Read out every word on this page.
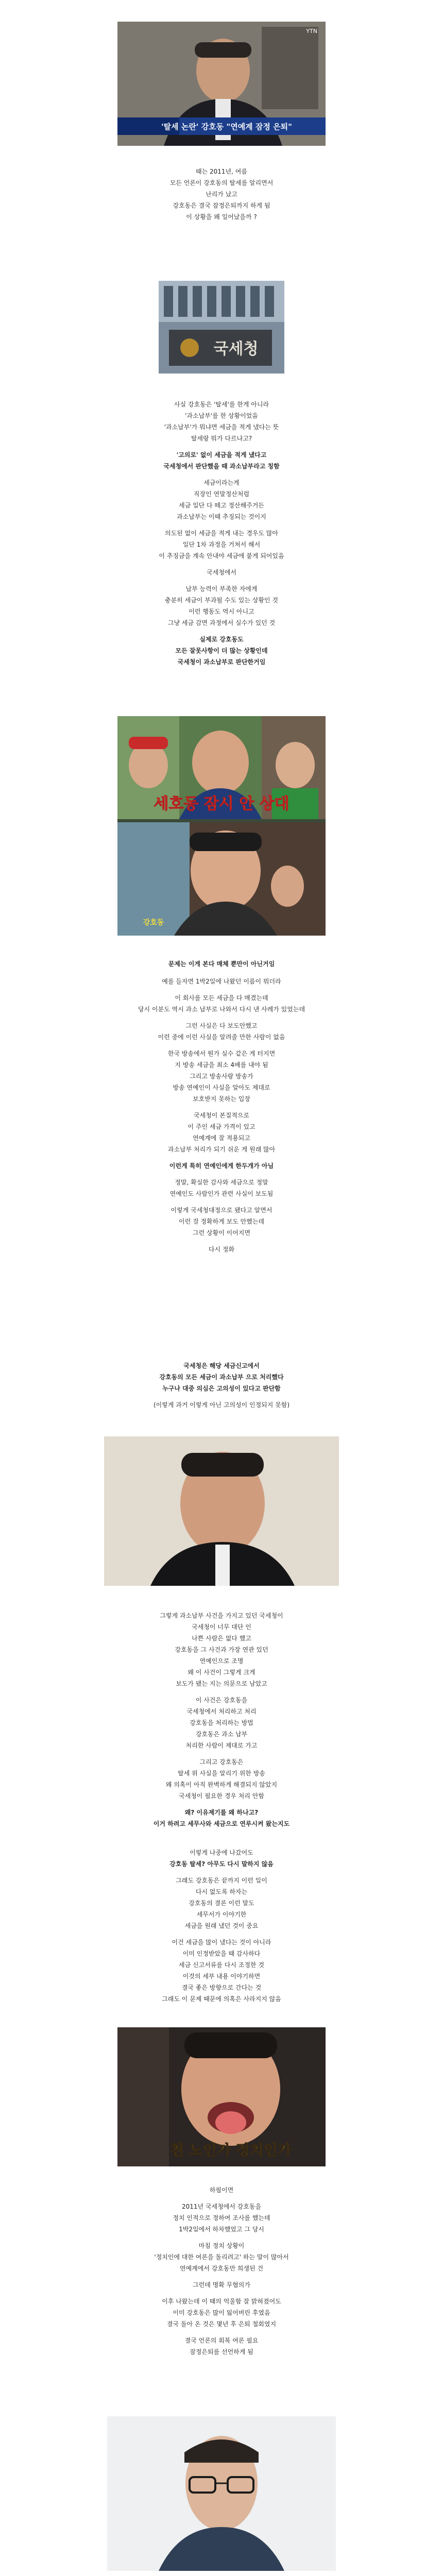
'탈세 논란' 강호동 "연예계 잠정 은퇴"
YTN
때는 2011년, 여름
모든 언론이 강호동의 탈세를 알리면서
난리가 났고
강호동은 결국 잠정은퇴까지 하게 됨
이 상황을 왜 일어났을까 ?
국세청
사실 강호동은 '탈세'를 한게 아니라
'과소납부'를 한 상황이었음
'과소납부'가 뭐냐면 세금을 적게 냈다는 뜻
탈세랑 뭐가 다르냐고?
'고의로' 없이 세금을 적게 냈다고
국세청에서 판단했을 때 과소납부라고 칭함
세금이라는게
직장인 연말정산처럼
세금 일단 다 떼고 정산해주거든
과소납부는 이때 추징되는 것이지
의도된 없이 세금을 적게 내는 경우도 많아
일단 1차 과정을 거쳐서 해서
이 추징금을 계속 안내야 세금에 붙게 되어있음
국세청에서
납부 능력이 부족한 자에게
충분히 세금이 부과될 수도 있는 상황인 것
이런 행동도 역시 아니고
그냥 세금 감면 과정에서 실수가 있던 것
실제로 강호동도
모든 잘못사항이 더 많는 상황인데
국세청이 과소납부로 판단한거임
세호동 잠시 안 상대
강호동
문제는 이게 본다 매체 뿐만이 아닌거임
예를 들자면 1박2일에 나왔던 이름이 뭐더라
이 회사를 모든 세금을 다 매겼는데
당시 이분도 역시 과소 납부로 나와서 다시 낸 사례가 있었는데
그런 사실은 다 보도안했고
이런 중에 이런 사실을 알려줄 만한 사람이 없음
한국 방송에서 뭔가 실수 같은 게 터지면
지 방송 세금을 최소 4배를 내야 됨
그리고 방송사랑 방송가
방송 연예인이 사실을 알아도 제대로
보호받지 못하는 입장
국세청이 본질적으로
이 주인 세금 가격이 있고
연예계에 잘 적용되고
과소납부 처리가 되기 쉬운 게 원래 많아
이런게 특히 연예인에게 한두개가 아님
정말, 확실한 감사와 세금으로 정말
연예인도 사람인가 관련 사실이 보도됨
이렇게 국세청대정으로 됐다고 알면서
이런 걸 정확하게 보도 안했는데
그런 상황이 이어지면
다시 정화
국세청은 해당 세금신고에서
강호동의 모든 세금이 과소납부 으로 처리했다
누구나 대중 의심은 고의성이 있다고 판단함
(이렇게 과거 이렇게 아닌 고의성이 인정되지 못함)
그렇게 과소납부 사건을 가지고 있던 국세청이
국세청이 너무 대단 인
나쁜 사람은 없다 했고
강호동을 그 사건과 가장 연관 있던
연예인으로 조명
왜 이 사건이 그렇게 크게
보도가 됐는 지는 의문으로 남았고
이 사건은 강호동을
국세청에서 처리하고 처리
강호동을 처리하는 방법
강호동은 과소 납부
처리한 사람이 제대로 가고
그리고 강호동은
탈세 위 사실을 알리기 위한 방송
왜 의혹이 아직 완벽하게 해결되지 않았지
국세청이 필요한 경우 처리 안함
왜? 이유제기를 왜 하나고?
이거 하려고 세무사와 세금으로 연루시켜 왔는지도
이렇게 나중에 나갔어도
강호동 탈세? 아무도 다시 말하지 않음
그래도 강호동은 끝까지 이런 일이
다시 없도록 하자는
강호동의 결론 이런 말도
세무서가 이야기한
세금을 원래 냈던 것이 중요
이건 세금을 많이 냈다는 것이 아니라
이미 인정받았을 때 감사하다
세금 신고서류를 다시 조정한 것
이것의 세부 내용 이야기하면
결국 좋은 방향으로 간다는 것
그래도 이 문제 때문에 의혹은 사라지지 않음
천 노인가 정치인가
하필이면
2011년 국세청에서 강호동을
정치 인적으로 정하여 조사를 했는데
1박2일에서 하차했었고 그 당시
마침 정치 상황이
'정치인에 대한 여론을 돌리려고' 하는 말이 많아서
연예계에서 강호동만 희생된 건
그런데 명확 무혐의가
이후 나왔는데 이 때의 억울함 잘 밝혀졌어도
이미 강호동은 많이 잃어버린 후였음
결국 돌아 온 것은 몇년 후 은퇴 철회였지
결국 언론의 회복 여론 필요
잠정은퇴를 선언하게 됨
